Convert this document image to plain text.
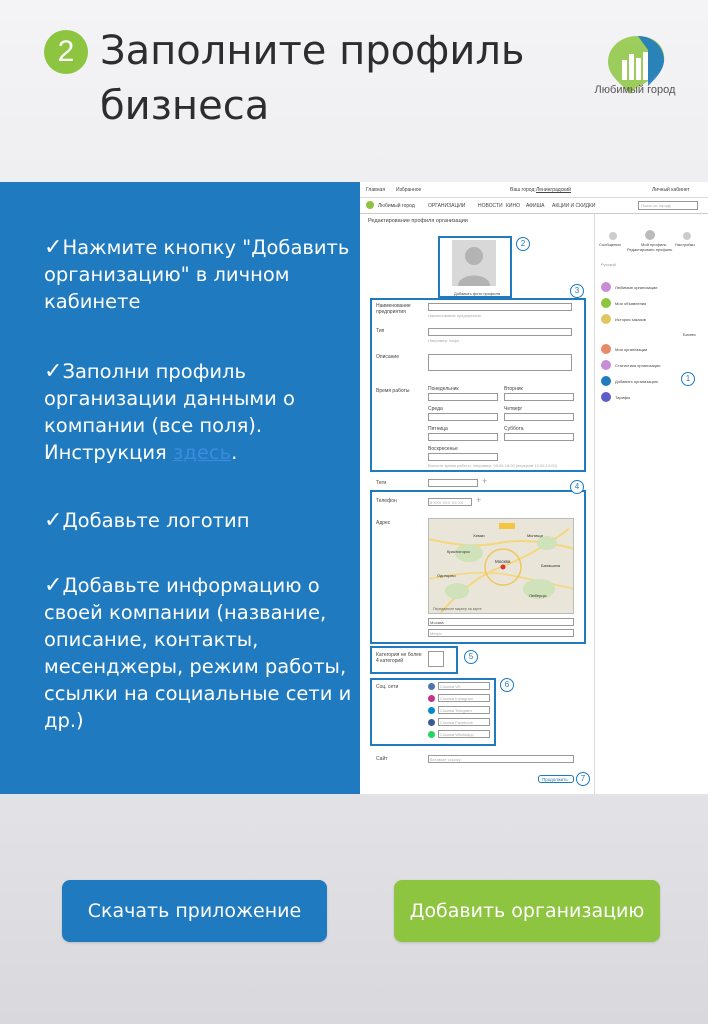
2 Заполните профиль
бизнеса	Любимый город
✓Нажмите кнопку "Добавить организацию" в личном кабинете
✓Заполни профиль организации данными о компании (все поля). Инструкция здесь.
✓Добавьте логотип
✓Добавьте информацию о своей компании (название, описание, контакты, месенджеры, режим работы, ссылки на социальные сети и др.)
Главная Избранное	Ваш город: Ленинградский	Личный кабинет
Любимый город	ОРГАНИЗАЦИИ	НОВОСТИ КИНО АФИША АКЦИИ И СКИДКИ	Поиск по городу
Редактирование профиля организации
Добавить фото профиля
2
3
Наименование предприятия
Наименование предприятия
Тип
Например: Кафе
Описание
Время работы	Понедельник	Вторник
Среда	Четверг
Пятница	Суббота
Воскресенье
Вносите время работы, например: 09:00-18:00 (перерыв 13:00-14:00)
Теги	+
4
Телефон	8 XXX XXX XX XX +
Адрес
Москва
Химки	Мытищи
Балашиха
Люберцы
Красногорск
Одинцово
Передвиньте маркер на карте
Москва
Метро
5
Категория не более 4 категорий
6
Соц. сети	Ссылка VK
Ссылка Instagram
Ссылка Telegram
Ссылка Facebook
Ссылка WhatsApp
Сайт	Вставьте ссылку
Продолжить	7
Сообщения	Мой профиль Настройки
Редактировать профиль
Русский
Любимые организации
Мои объявления
История заказов
Бизнес
Мои организации
Статистика организации
Добавить организацию	1
Тарифы
Скачать приложение	Добавить организацию
